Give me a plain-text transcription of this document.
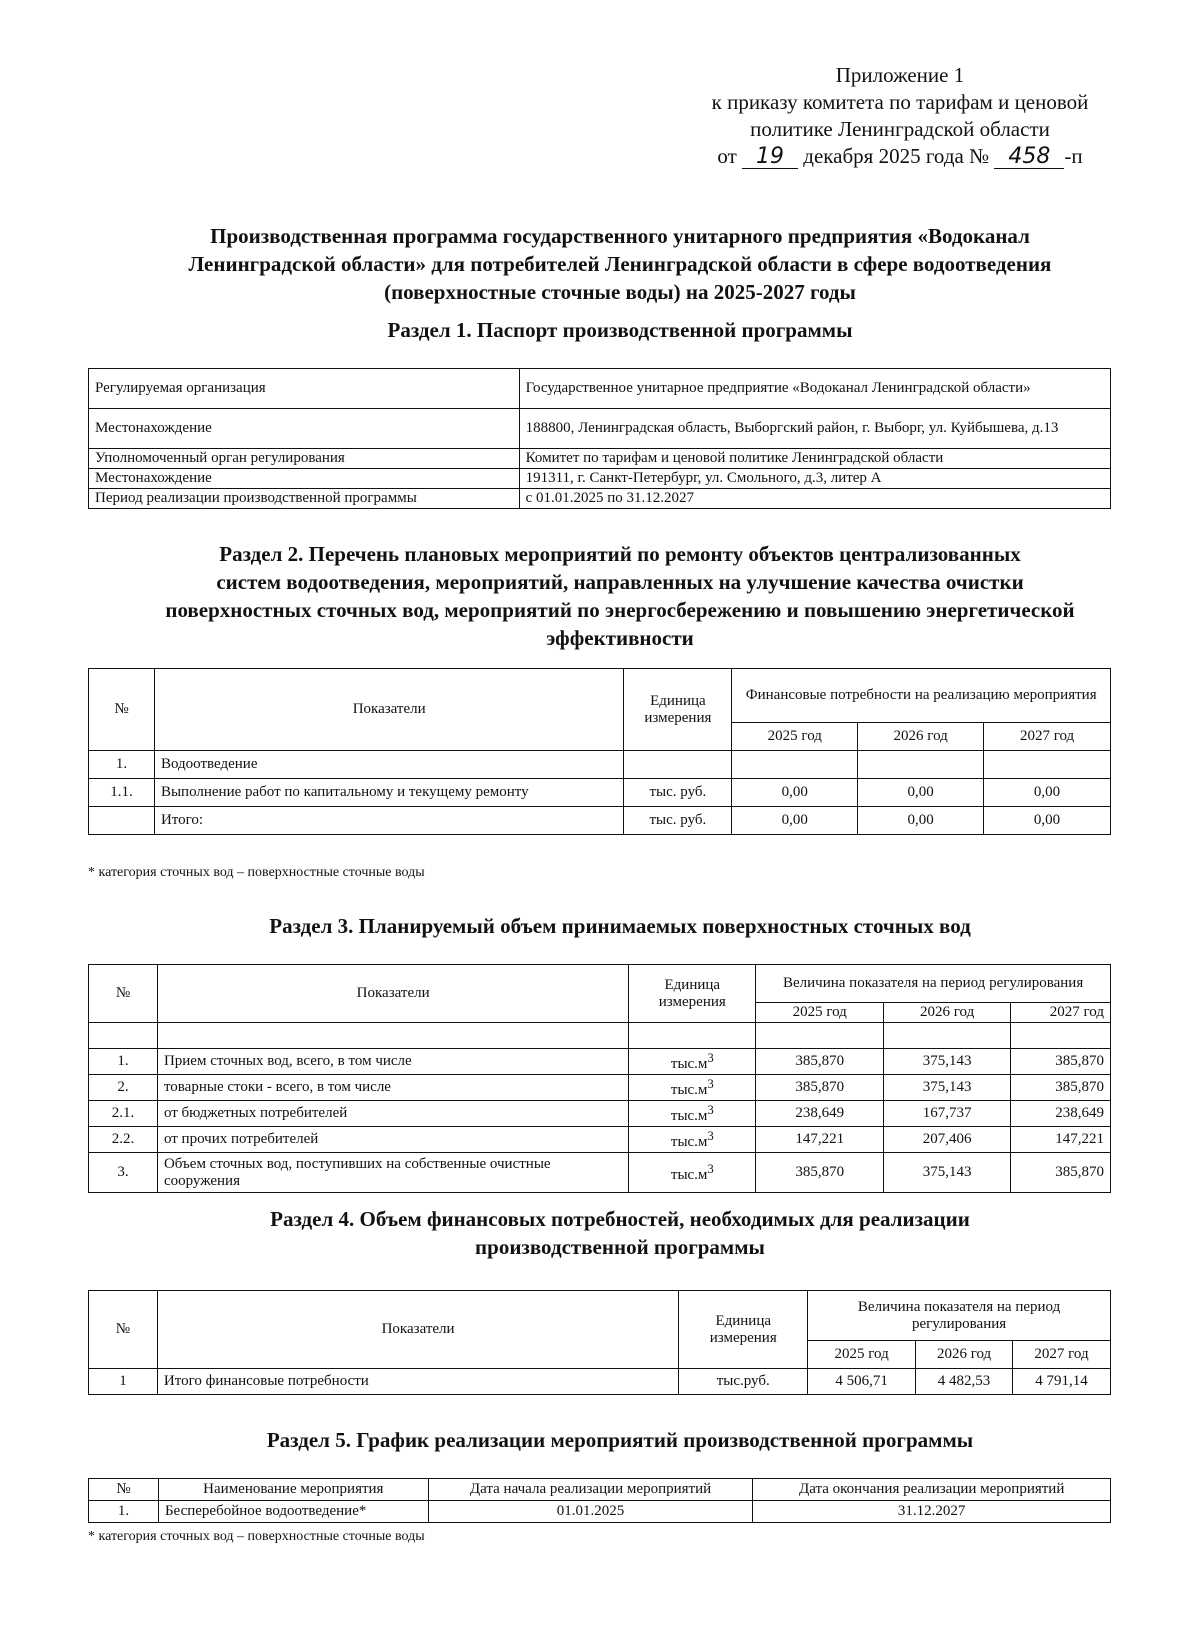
Приложение 1
к приказу комитета по тарифам и ценовой
политике Ленинградской области
от 19 декабря 2025 года № 458 -п
Производственная программа государственного унитарного предприятия «Водоканал
Ленинградской области» для потребителей Ленинградской области в сфере водоотведения
(поверхностные сточные воды) на 2025-2027 годы
Раздел 1. Паспорт производственной программы
Регулируемая организация	Государственное унитарное предприятие «Водоканал Ленинградской области»
Местонахождение	188800, Ленинградская область, Выборгский район, г. Выборг, ул. Куйбышева, д.13
Уполномоченный орган регулирования	Комитет по тарифам и ценовой политике Ленинградской области
Местонахождение	191311, г. Санкт-Петербург, ул. Смольного, д.3, литер А
Период реализации производственной программы	с 01.01.2025 по 31.12.2027
Раздел 2. Перечень плановых мероприятий по ремонту объектов централизованных
систем водоотведения, мероприятий, направленных на улучшение качества очистки
поверхностных сточных вод, мероприятий по энергосбережению и повышению энергетической
эффективности
№	Показатели	Единица измерения	Финансовые потребности на реализацию мероприятия		
			2025 год	2026 год	2027 год
1.	Водоотведение				
1.1.	Выполнение работ по капитальному и текущему ремонту	тыс. руб.	0,00	0,00	0,00
	Итого:	тыс. руб.	0,00	0,00	0,00
* категория сточных вод – поверхностные сточные воды
Раздел 3. Планируемый объем принимаемых поверхностных сточных вод
№	Показатели	Единица измерения	Величина показателя на период регулирования		
			2025 год	2026 год	2027 год

1.	Прием сточных вод, всего, в том числе	$тыс.м^3$	385,870	375,143	385,870
2.	товарные стоки - всего, в том числе	$тыс.м^3$	385,870	375,143	385,870
2.1.	от бюджетных потребителей	$тыс.м^3$	238,649	167,737	238,649
2.2.	от прочих потребителей	$тыс.м^3$	147,221	207,406	147,221
3.	Объем сточных вод, поступивших на собственные очистные сооружения	$тыс.м^3$	385,870	375,143	385,870
Раздел 4. Объем финансовых потребностей, необходимых для реализации
производственной программы
№	Показатели	Единица измерения	Величина показателя на период регулирования		
			2025 год	2026 год	2027 год
1	Итого финансовые потребности	тыс.руб.	4 506,71	4 482,53	4 791,14
Раздел 5. График реализации мероприятий производственной программы
№	Наименование мероприятия	Дата начала реализации мероприятий	Дата окончания реализации мероприятий
1.	Бесперебойное водоотведение*	01.01.2025	31.12.2027
* категория сточных вод – поверхностные сточные воды
